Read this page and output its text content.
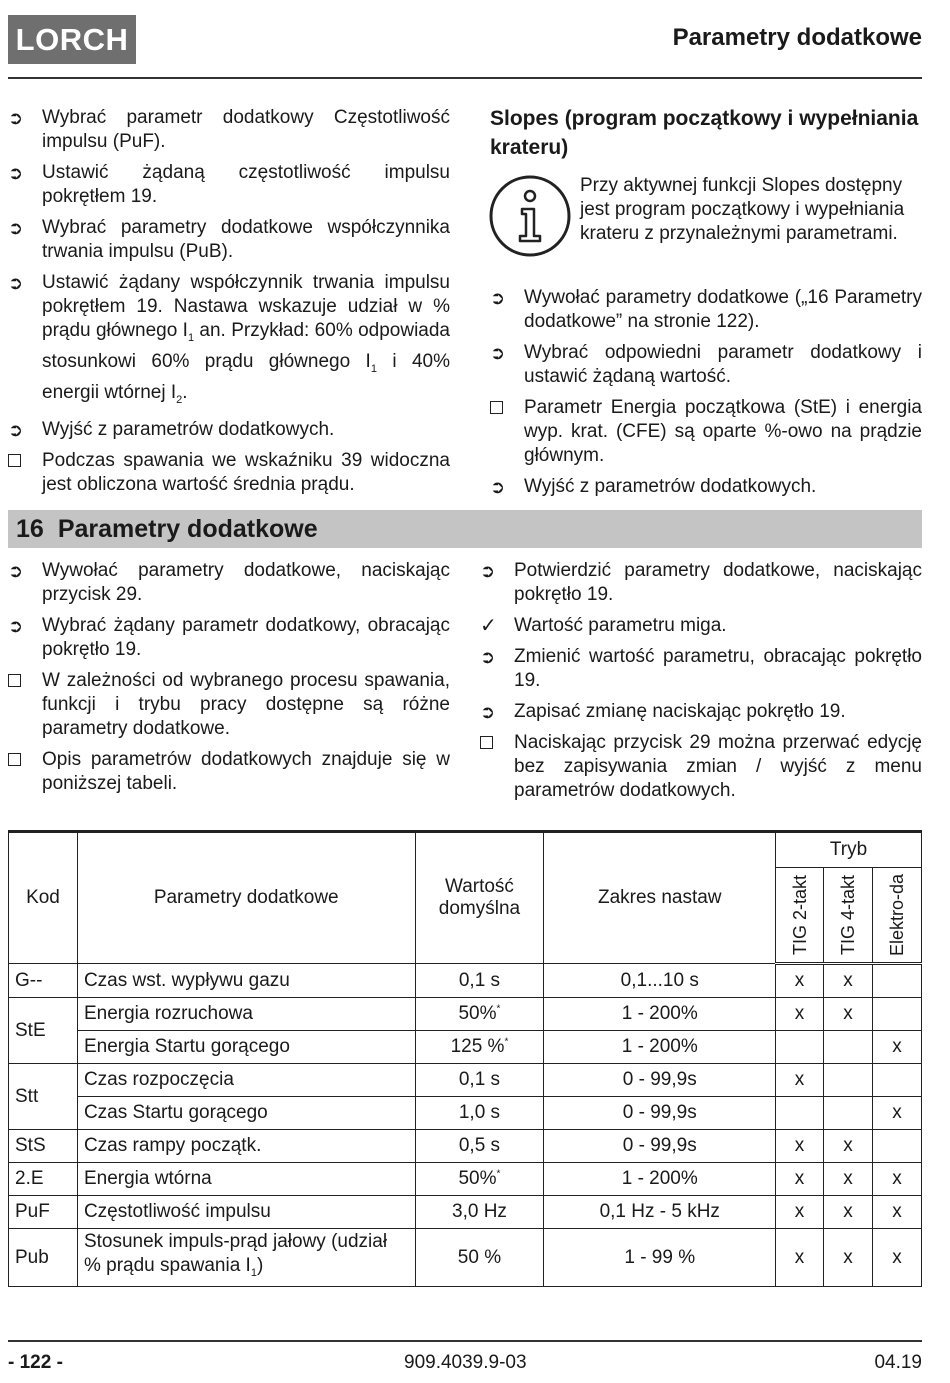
LORCH	Parametry dodatkowe
➲ Wybrać parametr dodatkowy Częstotliwość impulsu (PuF).
➲ Ustawić żądaną częstotliwość impulsu pokrętłem 19.
➲ Wybrać parametry dodatkowe współczynnika trwania impulsu (PuB).
➲ Ustawić żądany współczynnik trwania impulsu pokrętłem 19. Nastawa wskazuje udział w % prądu głównego $I_1$ an. Przykład: 60% odpowiada stosunkowi 60% prądu głównego $I_1$ i 40% energii wtórnej $I_2$.
➲ Wyjść z parametrów dodatkowych.
Podczas spawania we wskaźniku 39 widoczna jest obliczona wartość średnia prądu.
Slopes (program początkowy i wypełniania krateru)
Przy aktywnej funkcji Slopes dostępny jest program początkowy i wypełniania krateru z przynależnymi parametrami.
➲ Wywołać parametry dodatkowe („16 Parametry dodatkowe” na stronie 122).
➲ Wybrać odpowiedni parametr dodatkowy i ustawić żądaną wartość.
Parametr Energia początkowa (StE) i energia wyp. krat. (CFE) są oparte %-owo na prądzie głównym.
➲ Wyjść z parametrów dodatkowych.
16 Parametry dodatkowe
➲ Wywołać parametry dodatkowe, naciskając przycisk 29.
➲ Wybrać żądany parametr dodatkowy, obracając pokrętło 19.
W zależności od wybranego procesu spawania, funkcji i trybu pracy dostępne są różne parametry dodatkowe.
Opis parametrów dodatkowych znajduje się w poniższej tabeli.
➲ Potwierdzić parametry dodatkowe, naciskając pokrętło 19.
✓ Wartość parametru miga.
➲ Zmienić wartość parametru, obracając pokrętło 19.
➲ Zapisać zmianę naciskając pokrętło 19.
Naciskając przycisk 29 można przerwać edycję bez zapisywania zmian / wyjść z menu parametrów dodatkowych.
Kod	Parametry dodatkowe	Wartość domyślna	Zakres nastaw	Tryb		

				TIG 2-takt	TIG 4-takt	Elektro-da

G--	Czas wst. wypływu gazu	0,1 s	0,1...10 s	x	x	
StE	Energia rozruchowa	50%*	1 - 200%	x	x	
	Energia Startu gorącego	125 %*	1 - 200%			x
Stt	Czas rozpoczęcia	0,1 s	0 - 99,9s	x		
	Czas Startu gorącego	1,0 s	0 - 99,9s			x
StS	Czas rampy początk.	0,5 s	0 - 99,9s	x	x	
2.E	Energia wtórna	50%*	1 - 200%	x	x	x
PuF	Częstotliwość impulsu	3,0 Hz	0,1 Hz - 5 kHz	x	x	x
Pub	Stosunek impuls-prąd jałowy (udział % prądu spawania $I_1$)	50 %	1 - 99 %	x	x	x
- 122 -	909.4039.9-03	04.19
